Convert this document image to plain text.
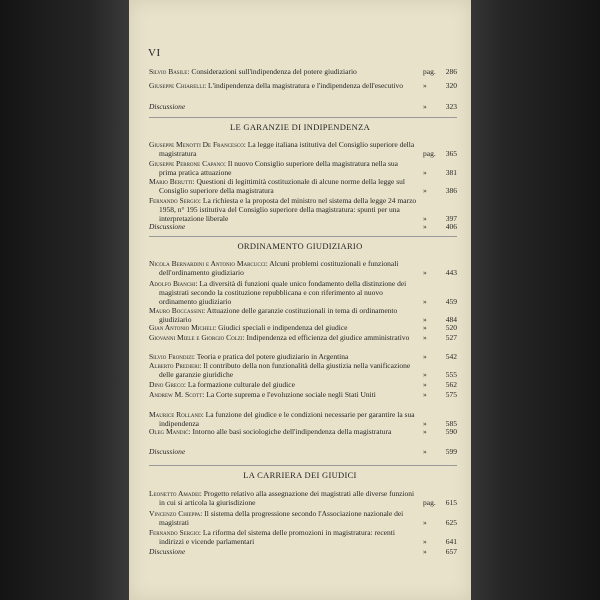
VI
Silvio Basile: Considerazioni sull'indipendenza del potere giudiziario	pag. 286
Giuseppe Chiarelli: L'indipendenza della magistratura e l'indipendenza dell'esecutivo	»	320
Discussione	»	323
Giuseppe Menotti De Francesco: La legge italiana istitutiva del Consiglio superiore della magistratura	pag. 365
Giuseppe Perrone Capano: Il nuovo Consiglio superiore della magistratura nella sua prima pratica attuazione	»	381
Mario Berutti: Questioni di legittimità costituzionale di alcune norme della legge sul Consiglio superiore della magistratura	»	386
Fernando Sergio: La richiesta e la proposta del ministro nel sistema della legge 24 marzo 1958, n° 195 istitutiva del Consiglio superiore della magistratura: spunti per una interpretazione liberale	»	397
Discussione	»	406
Nicola Bernardini e Antonio Marcucci: Alcuni problemi costituzionali e funzionali dell'ordinamento giudiziario	»	443
Adolfo Bianchi: La diversità di funzioni quale unico fondamento della distinzione dei magistrati secondo la costituzione repubblicana e con riferimento al nuovo ordinamento giudiziario	»	459
Mauro Boccassini: Attuazione delle garanzie costituzionali in tema di ordinamento giudiziario	»	484
Gian Antonio Micheli: Giudici speciali e indipendenza del giudice	»	520
Giovanni Miele e Giorgio Colzi: Indipendenza ed efficienza del giudice amministrativo	»	527
Silvio Frondizi: Teoria e pratica del potere giudiziario in Argentina	»	542
Alberto Predieri: Il contributo della non funzionalità della giustizia nella vanificazione delle garanzie giuridiche	»	555
Dino Greco: La formazione culturale del giudice	»	562
Andrew M. Scott: La Corte suprema e l'evoluzione sociale negli Stati Uniti	»	575
Maurice Rolland: La funzione del giudice e le condizioni necessarie per garantire la sua indipendenza	»	585
Oleg Mandić: Intorno alle basi sociologiche dell'indipendenza della magistratura	»	590
Discussione	»	599
Leonetto Amadei: Progetto relativo alla assegnazione dei magistrati alle diverse funzioni in cui si articola la giurisdizione	pag. 615
Vincenzo Chieppa: Il sistema della progressione secondo l'Associazione nazionale dei magistrati	»	625
Fernando Sergio: La riforma del sistema delle promozioni in magistratura: recenti indirizzi e vicende parlamentari	»	641
Discussione	»	657
LE GARANZIE DI INDIPENDENZA
ORDINAMENTO GIUDIZIARIO
LA CARRIERA DEI GIUDICI
